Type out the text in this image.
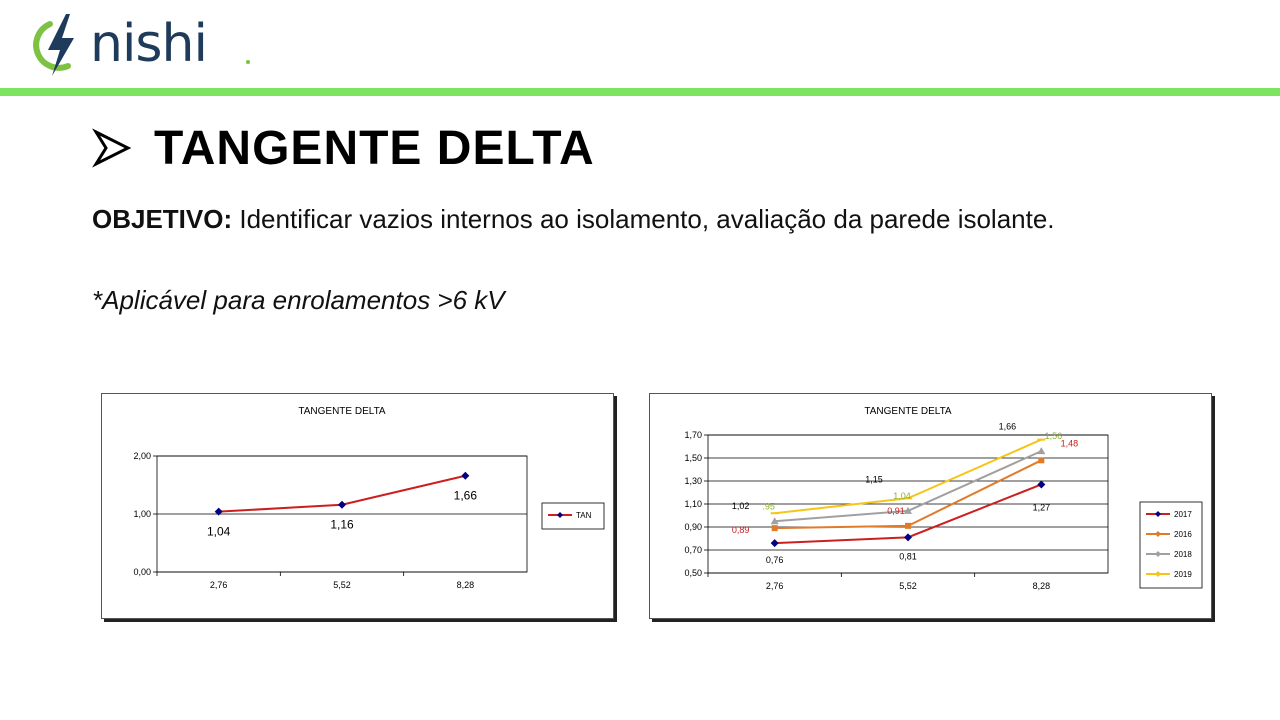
nishi
TANGENTE DELTA
OBJETIVO: Identificar vazios internos ao isolamento, avaliação da parede isolante.
*Aplicável para enrolamentos >6 kV
TANGENTE DELTA
0,00
1,00
2,00
2,76	5,52	8,28
1,04	1,16
1,66
TAN
TANGENTE DELTA
0,50
0,70
0,90
1,10
1,30
1,50
1,70
2,76	5,52	8,28
0,76	0,81
1,27
0,89
0,91
1,48
.95
1,04
1,56
1,02
1,15
1,66
2017
2016
2018
2019
